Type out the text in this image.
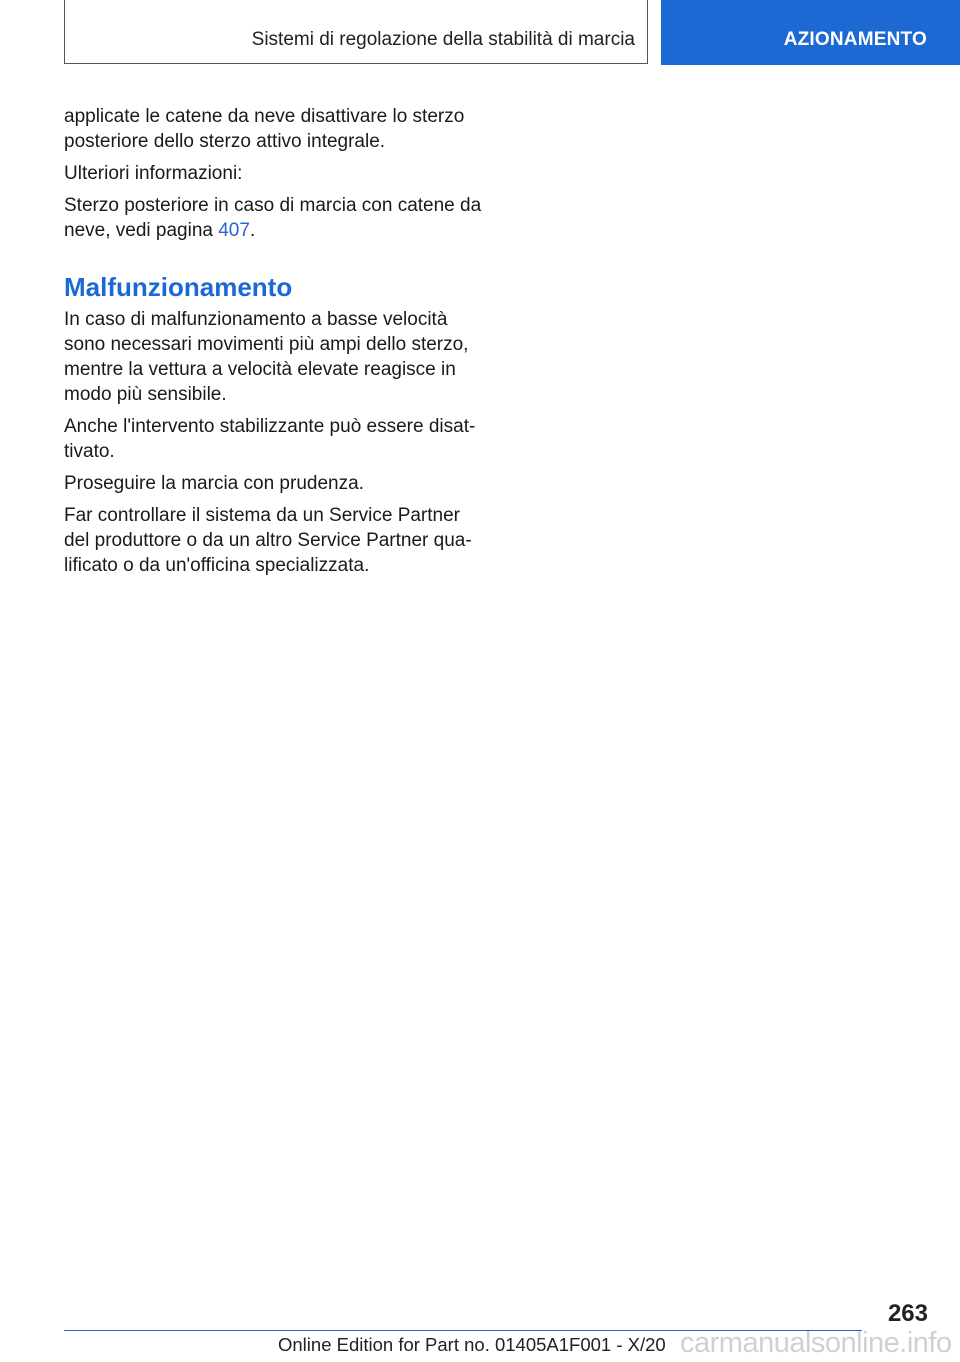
Sistemi di regolazione della stabilità di marcia	AZIONAMENTO

applicate le catene da neve disattivare lo sterzo posteriore dello sterzo attivo integrale.

Ulteriori informazioni:

Sterzo posteriore in caso di marcia con catene da neve, vedi pagina 407.

Malfunzionamento

In caso di malfunzionamento a basse velocità sono necessari movimenti più ampi dello sterzo, mentre la vettura a velocità elevate reagisce in modo più sensibile.

Anche l'intervento stabilizzante può essere disat-tivato.

Proseguire la marcia con prudenza.

Far controllare il sistema da un Service Partner del produttore o da un altro Service Partner qua-lificato o da un'officina specializzata.

263
Online Edition for Part no. 01405A1F001 - X/20 carmanualsonline.info
